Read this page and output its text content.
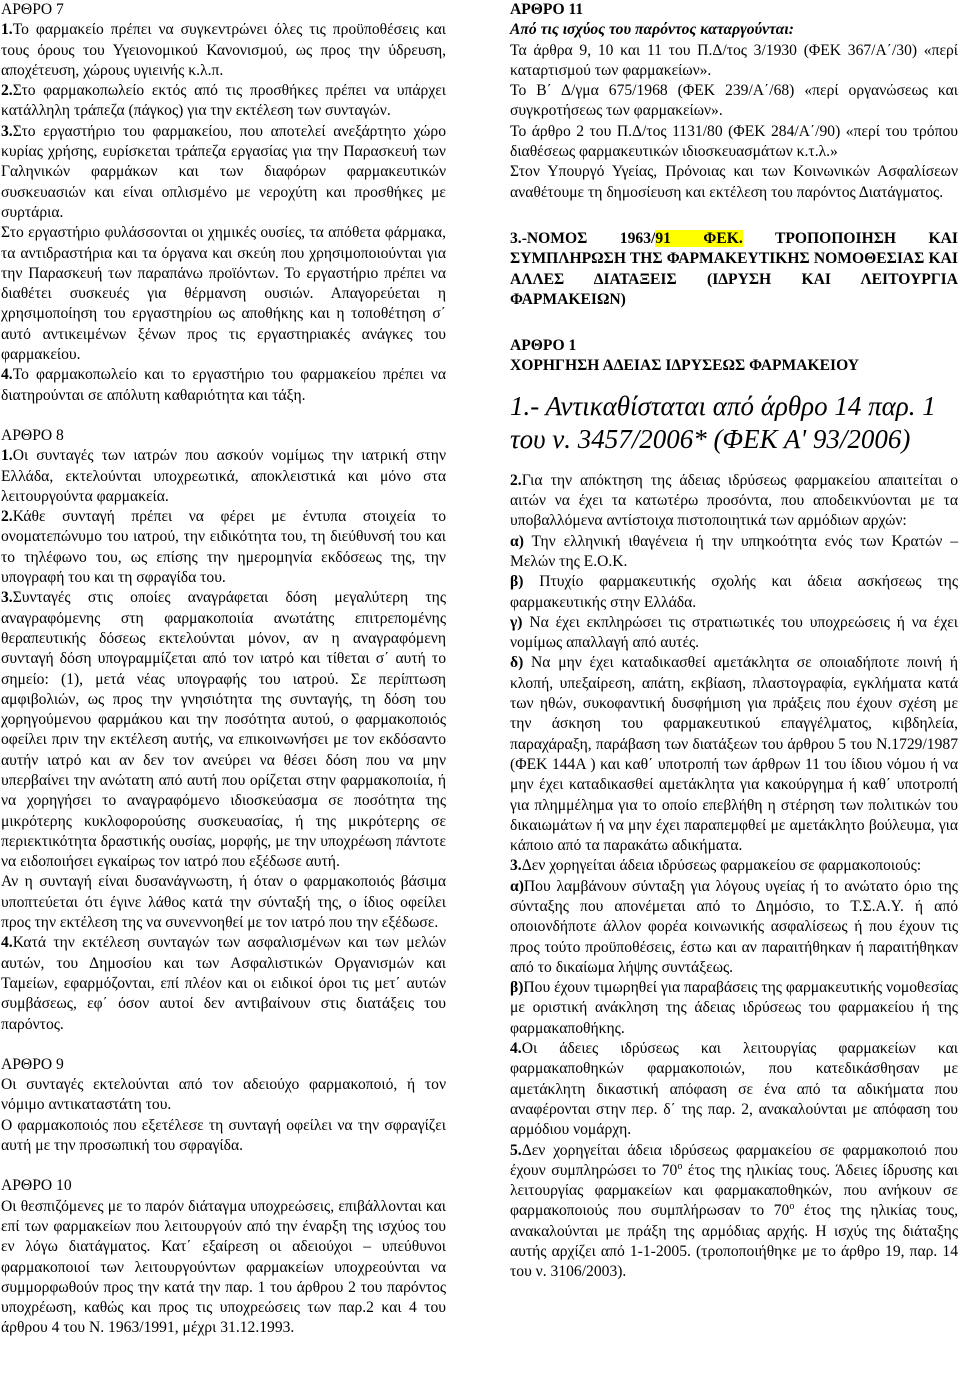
ΑΡΘΡΟ 7

1.Το φαρμακείο πρέπει να συγκεντρώνει όλες τις προϋποθέσεις και τους όρους του Υγειονομικού Κανονισμού, ως προς την ύδρευση, αποχέτευση, χώρους υγιεινής κ.λ.π.

2.Στο φαρμακοπωλείο εκτός από τις προσθήκες πρέπει να υπάρχει κατάλληλη τράπεζα (πάγκος) για την εκτέλεση των συνταγών.

3.Στο εργαστήριο του φαρμακείου, που αποτελεί ανεξάρτητο χώρο κυρίας χρήσης, ευρίσκεται τράπεζα εργασίας για την Παρασκευή των Γαληνικών φαρμάκων και των διαφόρων φαρμακευτικών συσκευασιών και είναι οπλισμένο με νεροχύτη και προσθήκες με συρτάρια.

Στο εργαστήριο φυλάσσονται οι χημικές ουσίες, τα απόθετα φάρμακα, τα αντιδραστήρια και τα όργανα και σκεύη που χρησιμοποιούνται για την Παρασκευή των παραπάνω προϊόντων. Το εργαστήριο πρέπει να διαθέτει συσκευές για θέρμανση ουσιών. Απαγορεύεται η χρησιμοποίηση του εργαστηρίου ως αποθήκης και η τοποθέτηση σ΄ αυτό αντικειμένων ξένων προς τις εργαστηριακές ανάγκες του φαρμακείου.

4.Το φαρμακοπωλείο και το εργαστήριο του φαρμακείου πρέπει να διατηρούνται σε απόλυτη καθαριότητα και τάξη.

ΑΡΘΡΟ 8

1.Οι συνταγές των ιατρών που ασκούν νομίμως την ιατρική στην Ελλάδα, εκτελούνται υποχρεωτικά, αποκλειστικά και μόνο στα λειτουργούντα φαρμακεία.

2.Κάθε συνταγή πρέπει να φέρει με έντυπα στοιχεία το ονοματεπώνυμο του ιατρού, την ειδικότητα του, τη διεύθυνσή του και το τηλέφωνο του, ως επίσης την ημερομηνία εκδόσεως της, την υπογραφή του και τη σφραγίδα του.

3.Συνταγές στις οποίες αναγράφεται δόση μεγαλύτερη της αναγραφόμενης στη φαρμακοποιία ανωτάτης επιτρεπομένης θεραπευτικής δόσεως εκτελούνται μόνον, αν η αναγραφόμενη συνταγή δόση υπογραμμίζεται από τον ιατρό και τίθεται σ΄ αυτή το σημείο: (1), μετά νέας υπογραφής του ιατρού. Σε περίπτωση αμφιβολιών, ως προς την γνησιότητα της συνταγής, τη δόση του χορηγούμενου φαρμάκου και την ποσότητα αυτού, ο φαρμακοποιός οφείλει πριν την εκτέλεση αυτής, να επικοινωνήσει με τον εκδόσαντο αυτήν ιατρό και αν δεν τον ανεύρει να θέσει δόση που να μην υπερβαίνει την ανώτατη από αυτή που ορίζεται στην φαρμακοποιία, ή να χορηγήσει το αναγραφόμενο ιδιοσκεύασμα σε ποσότητα της μικρότερης κυκλοφορούσης συσκευασίας, ή της μικρότερης σε περιεκτικότητα δραστικής ουσίας, μορφής, με την υποχρέωση πάντοτε να ειδοποιήσει εγκαίρως τον ιατρό που εξέδωσε αυτή.

Αν η συνταγή είναι δυσανάγνωστη, ή όταν ο φαρμακοποιός βάσιμα υποπτεύεται ότι έγινε λάθος κατά την σύνταξή της, ο ίδιος οφείλει προς την εκτέλεση της να συνεννοηθεί με τον ιατρό που την εξέδωσε.

4.Κατά την εκτέλεση συνταγών των ασφαλισμένων και των μελών αυτών, του Δημοσίου και των Ασφαλιστικών Οργανισμών και Ταμείων, εφαρμόζονται, επί πλέον και οι ειδικοί όροι τις μετ΄ αυτών συμβάσεως, εφ΄ όσον αυτοί δεν αντιβαίνουν στις διατάξεις του παρόντος.

ΑΡΘΡΟ 9

Οι συνταγές εκτελούνται από τον αδειούχο φαρμακοποιό, ή τον νόμιμο αντικαταστάτη του.

Ο φαρμακοποιός που εξετέλεσε τη συνταγή οφείλει να την σφραγίζει αυτή με την προσωπική του σφραγίδα.

ΑΡΘΡΟ 10

Οι θεσπιζόμενες με το παρόν διάταγμα υποχρεώσεις, επιβάλλονται και επί των φαρμακείων που λειτουργούν από την έναρξη της ισχύος του εν λόγω διατάγματος. Κατ΄ εξαίρεση οι αδειούχοι – υπεύθυνοι φαρμακοποιοί των λειτουργούντων φαρμακείων υποχρεούνται να συμμορφωθούν προς την κατά την παρ. 1 του άρθρου 2 του παρόντος υποχρέωση, καθώς και προς τις υποχρεώσεις των παρ.2 και 4 του άρθρου 4 του Ν. 1963/1991, μέχρι 31.12.1993.

ΑΡΘΡΟ 11

Από τις ισχύος του παρόντος καταργούνται:

Τα άρθρα 9, 10 και 11 του Π.Δ/τος 3/1930 (ΦΕΚ 367/Α΄/30) «περί καταρτισμού των φαρμακείων».

Το Β΄ Δ/γμα 675/1968 (ΦΕΚ 239/Α΄/68) «περί οργανώσεως και συγκροτήσεως των φαρμακείων».

Το άρθρο 2 του Π.Δ/τος 1131/80 (ΦΕΚ 284/Α΄/90) «περί του τρόπου διαθέσεως φαρμακευτικών ιδιοσκευασμάτων κ.τ.λ.»

Στον Υπουργό Υγείας, Πρόνοιας και των Κοινωνικών Ασφαλίσεων αναθέτουμε τη δημοσίευση και εκτέλεση του παρόντος Διατάγματος.

3.-ΝΟΜΟΣ 1963/91 ΦΕΚ. ΤΡΟΠΟΠΟΙΗΣΗ ΚΑΙ ΣΥΜΠΛΗΡΩΣΗ ΤΗΣ ΦΑΡΜΑΚΕΥΤΙΚΗΣ ΝΟΜΟΘΕΣΙΑΣ ΚΑΙ ΑΛΛΕΣ ΔΙΑΤΑΞΕΙΣ (ΙΔΡΥΣΗ ΚΑΙ ΛΕΙΤΟΥΡΓΙΑ ΦΑΡΜΑΚΕΙΩΝ)

ΑΡΘΡΟ 1

ΧΟΡΗΓΗΣΗ ΑΔΕΙΑΣ ΙΔΡΥΣΕΩΣ ΦΑΡΜΑΚΕΙΟΥ

1.- Αντικαθίσταται από άρθρο 14 παρ. 1 του ν. 3457/2006* (ΦΕΚ Α' 93/2006)

2.Για την απόκτηση της άδειας ιδρύσεως φαρμακείου απαιτείται ο αιτών να έχει τα κατωτέρω προσόντα, που αποδεικνύονται με τα υποβαλλόμενα αντίστοιχα πιστοποιητικά των αρμόδιων αρχών:

α) Την ελληνική ιθαγένεια ή την υπηκοότητα ενός των Κρατών – Μελών της Ε.Ο.Κ.

β) Πτυχίο φαρμακευτικής σχολής και άδεια ασκήσεως της φαρμακευτικής στην Ελλάδα.

γ) Να έχει εκπληρώσει τις στρατιωτικές του υποχρεώσεις ή να έχει νομίμως απαλλαγή από αυτές.

δ) Να μην έχει καταδικασθεί αμετάκλητα σε οποιαδήποτε ποινή ή κλοπή, υπεξαίρεση, απάτη, εκβίαση, πλαστογραφία, εγκλήματα κατά των ηθών, συκοφαντική δυσφήμιση για πράξεις που έχουν σχέση με την άσκηση του φαρμακευτικού επαγγέλματος, κιβδηλεία, παραχάραξη, παράβαση των διατάξεων του άρθρου 5 του Ν.1729/1987 (ΦΕΚ 144Α ) και καθ΄ υποτροπή των άρθρων 11 του ίδιου νόμου ή να μην έχει καταδικασθεί αμετάκλητα για κακούργημα ή καθ΄ υποτροπή για πλημμέλημα για το οποίο επεβλήθη η στέρηση των πολιτικών του δικαιωμάτων ή να μην έχει παραπεμφθεί με αμετάκλητο βούλευμα, για κάποιο από τα παρακάτω αδικήματα.

3.Δεν χορηγείται άδεια ιδρύσεως φαρμακείου σε φαρμακοποιούς:

α)Που λαμβάνουν σύνταξη για λόγους υγείας ή το ανώτατο όριο της σύνταξης που απονέμεται από το Δημόσιο, το Τ.Σ.Α.Υ. ή από οποιονδήποτε άλλον φορέα κοινωνικής ασφαλίσεως ή που έχουν τις προς τούτο προϋποθέσεις, έστω και αν παραιτήθηκαν ή παραιτήθηκαν από το δικαίωμα λήψης συντάξεως.

β)Που έχουν τιμωρηθεί για παραβάσεις της φαρμακευτικής νομοθεσίας με οριστική ανάκληση της άδειας ιδρύσεως του φαρμακείου ή της φαρμακαποθήκης.

4.Οι άδειες ιδρύσεως και λειτουργίας φαρμακείων και φαρμακαποθηκών φαρμακοποιών, που κατεδικάσθησαν με αμετάκλητη δικαστική απόφαση σε ένα από τα αδικήματα που αναφέρονται στην περ. δ΄ της παρ. 2, ανακαλούνται με απόφαση του αρμόδιου νομάρχη.

5.Δεν χορηγείται άδεια ιδρύσεως φαρμακείου σε φαρμακοποιό που έχουν συμπληρώσει το $70^o$ έτος της ηλικίας τους. Άδειες ίδρυσης και λειτουργίας φαρμακείων και φαρμακαποθηκών, που ανήκουν σε φαρμακοποιούς που συμπλήρωσαν το $70^o$ έτος της ηλικίας τους, ανακαλούνται με πράξη της αρμόδιας αρχής. Η ισχύς της διάταξης αυτής αρχίζει από 1-1-2005. (τροποποιήθηκε με το άρθρο 19, παρ. 14 του ν. 3106/2003).
